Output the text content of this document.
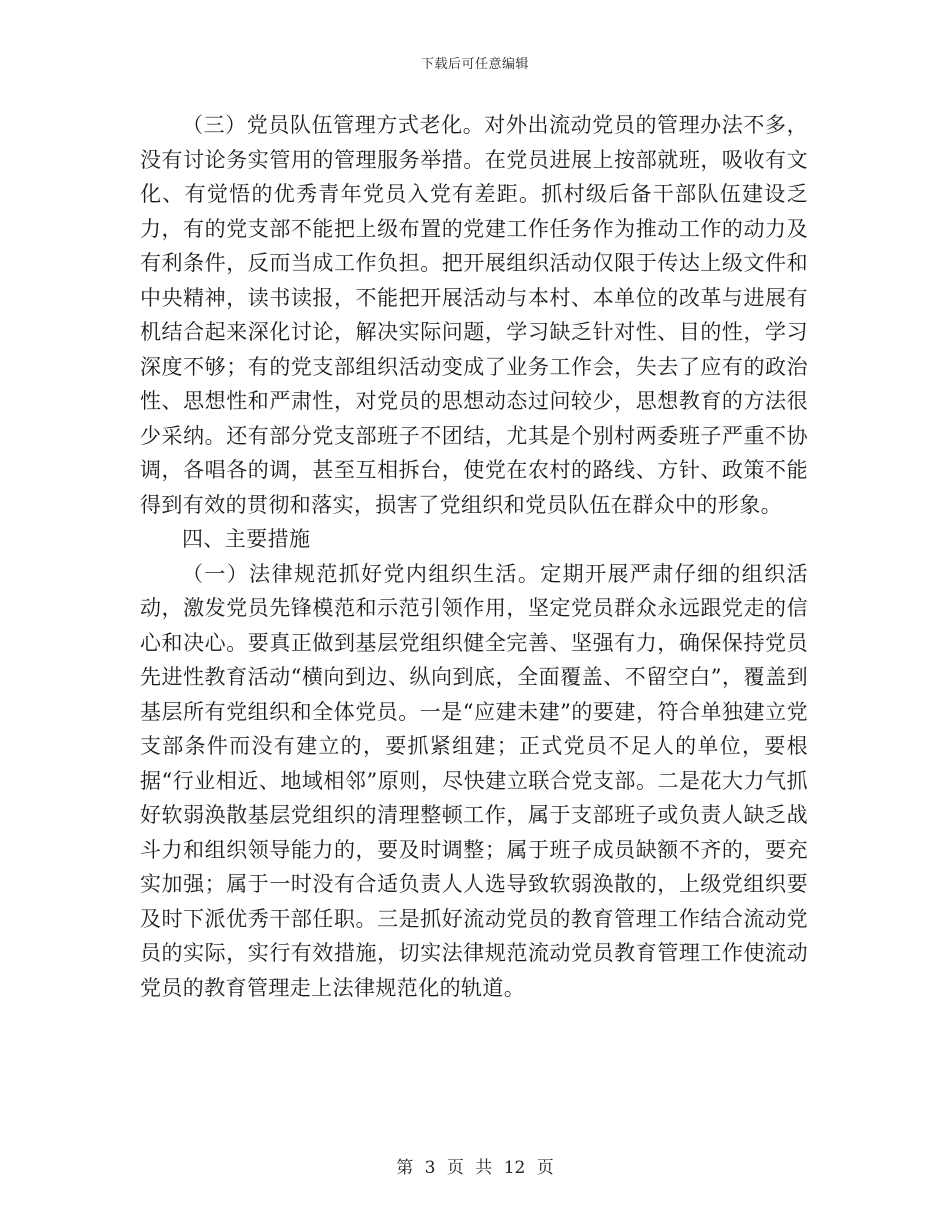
下载后可任意编辑

（三）党员队伍管理方式老化。对外出流动党员的管理办法不多，没有讨论务实管用的管理服务举措。在党员进展上按部就班，吸收有文化、有觉悟的优秀青年党员入党有差距。抓村级后备干部队伍建设乏力，有的党支部不能把上级布置的党建工作任务作为推动工作的动力及有利条件，反而当成工作负担。把开展组织活动仅限于传达上级文件和中央精神，读书读报，不能把开展活动与本村、本单位的改革与进展有机结合起来深化讨论，解决实际问题，学习缺乏针对性、目的性，学习深度不够；有的党支部组织活动变成了业务工作会，失去了应有的政治性、思想性和严肃性，对党员的思想动态过问较少，思想教育的方法很少采纳。还有部分党支部班子不团结，尤其是个别村两委班子严重不协调，各唱各的调，甚至互相拆台，使党在农村的路线、方针、政策不能得到有效的贯彻和落实，损害了党组织和党员队伍在群众中的形象。

四、主要措施

（一）法律规范抓好党内组织生活。定期开展严肃仔细的组织活动，激发党员先锋模范和示范引领作用，坚定党员群众永远跟党走的信心和决心。要真正做到基层党组织健全完善、坚强有力，确保保持党员先进性教育活动“横向到边、纵向到底，全面覆盖、不留空白”，覆盖到基层所有党组织和全体党员。一是“应建未建”的要建，符合单独建立党支部条件而没有建立的，要抓紧组建；正式党员不足人的单位，要根据“行业相近、地域相邻”原则，尽快建立联合党支部。二是花大力气抓好软弱涣散基层党组织的清理整顿工作，属于支部班子或负责人缺乏战斗力和组织领导能力的，要及时调整；属于班子成员缺额不齐的，要充实加强；属于一时没有合适负责人人选导致软弱涣散的，上级党组织要及时下派优秀干部任职。三是抓好流动党员的教育管理工作结合流动党员的实际，实行有效措施，切实法律规范流动党员教育管理工作使流动党员的教育管理走上法律规范化的轨道。

第 3 页 共 12 页
